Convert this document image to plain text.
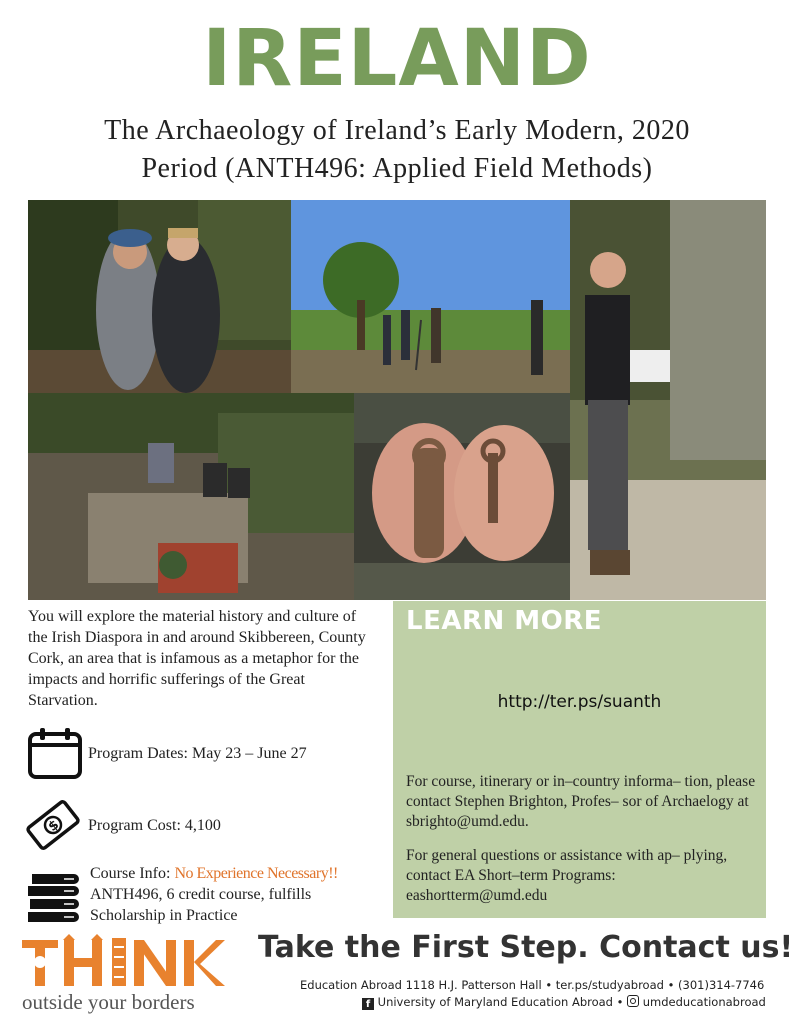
IRELAND
The Archaeology of Ireland’s Early Modern, 2020
Period (ANTH496: Applied Field Methods)
You will explore the material history and culture of the Irish Diaspora in and around Skibbereen, County Cork, an area that is infamous as a metaphor for the impacts and horrific sufferings of the Great Starvation.
Program Dates: May 23 – June 27
$ Program Cost: 4,100
Course Info: No Experience Necessary!!
ANTH496, 6 credit course, fulfills
Scholarship in Practice
LEARN MORE
http://ter.ps/suanth
For course, itinerary or in–country informa– tion, please contact Stephen Brighton, Profes– sor of Archaelogy at sbrighto@umd.edu.
For general questions or assistance with ap– plying, contact EA Short–term Programs: eashortterm@umd.edu
outside your borders
Take the First Step. Contact us!
Education Abroad 1118 H.J. Patterson Hall • ter.ps/studyabroad • (301)314-7746
f University of Maryland Education Abroad • umdeducationabroad
